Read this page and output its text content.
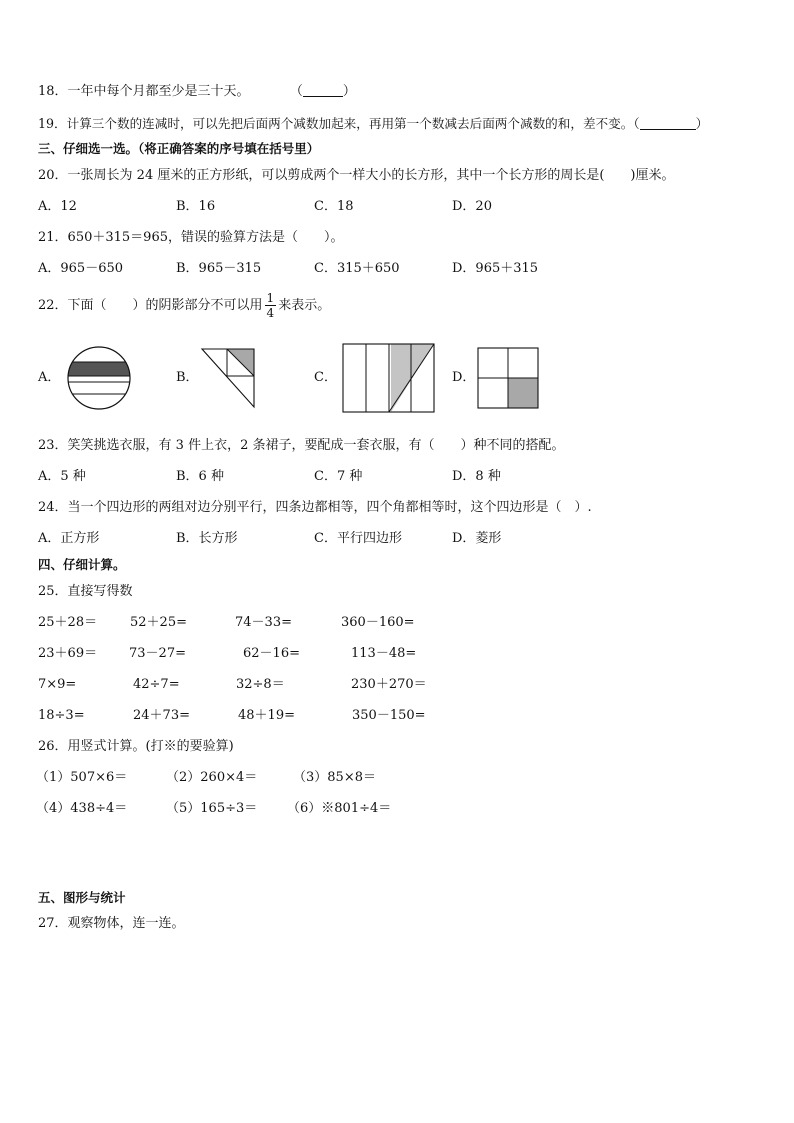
18．一年中每个月都至少是三十天。	（	）
19．计算三个数的连减时，可以先把后面两个减数加起来，再用第一个数减去后面两个减数的和，差不变。（	）
三、仔细选一选。（将正确答案的序号填在括号里）
20．一张周长为 24 厘米的正方形纸，可以剪成两个一样大小的长方形，其中一个长方形的周长是(　　)厘米。
A．12	B．16	C．18	D．20
21．650＋315＝965，错误的验算方法是（　　）。
A．965－650	B．965－315	C．315＋650	D．965＋315
22．下面（　　）的阴影部分不可以用 $\frac{1}{4}$ 来表示。
A．	B．	C．	D．
23．笑笑挑选衣服，有 3 件上衣，2 条裙子，要配成一套衣服，有（　　）种不同的搭配。
A．5 种	B．6 种	C．7 种	D．8 种
24．当一个四边形的两组对边分别平行，四条边都相等，四个角都相等时，这个四边形是（　）.
A．正方形	B．长方形	C．平行四边形	D．菱形
四、仔细计算。
25．直接写得数
25＋28＝	52＋25=	74－33=	360－160=
23＋69＝ 73－27=	62－16=	113－48=
7×9=	42÷7=	32÷8＝	230＋270＝
18÷3=	24＋73=	48＋19=	350－150=
26．用竖式计算。(打※的要验算)
（1）507×6＝	（2）260×4＝	（3）85×8＝
（4）438÷4＝	（5）165÷3＝ （6）※801÷4＝
五、图形与统计
27．观察物体，连一连。
